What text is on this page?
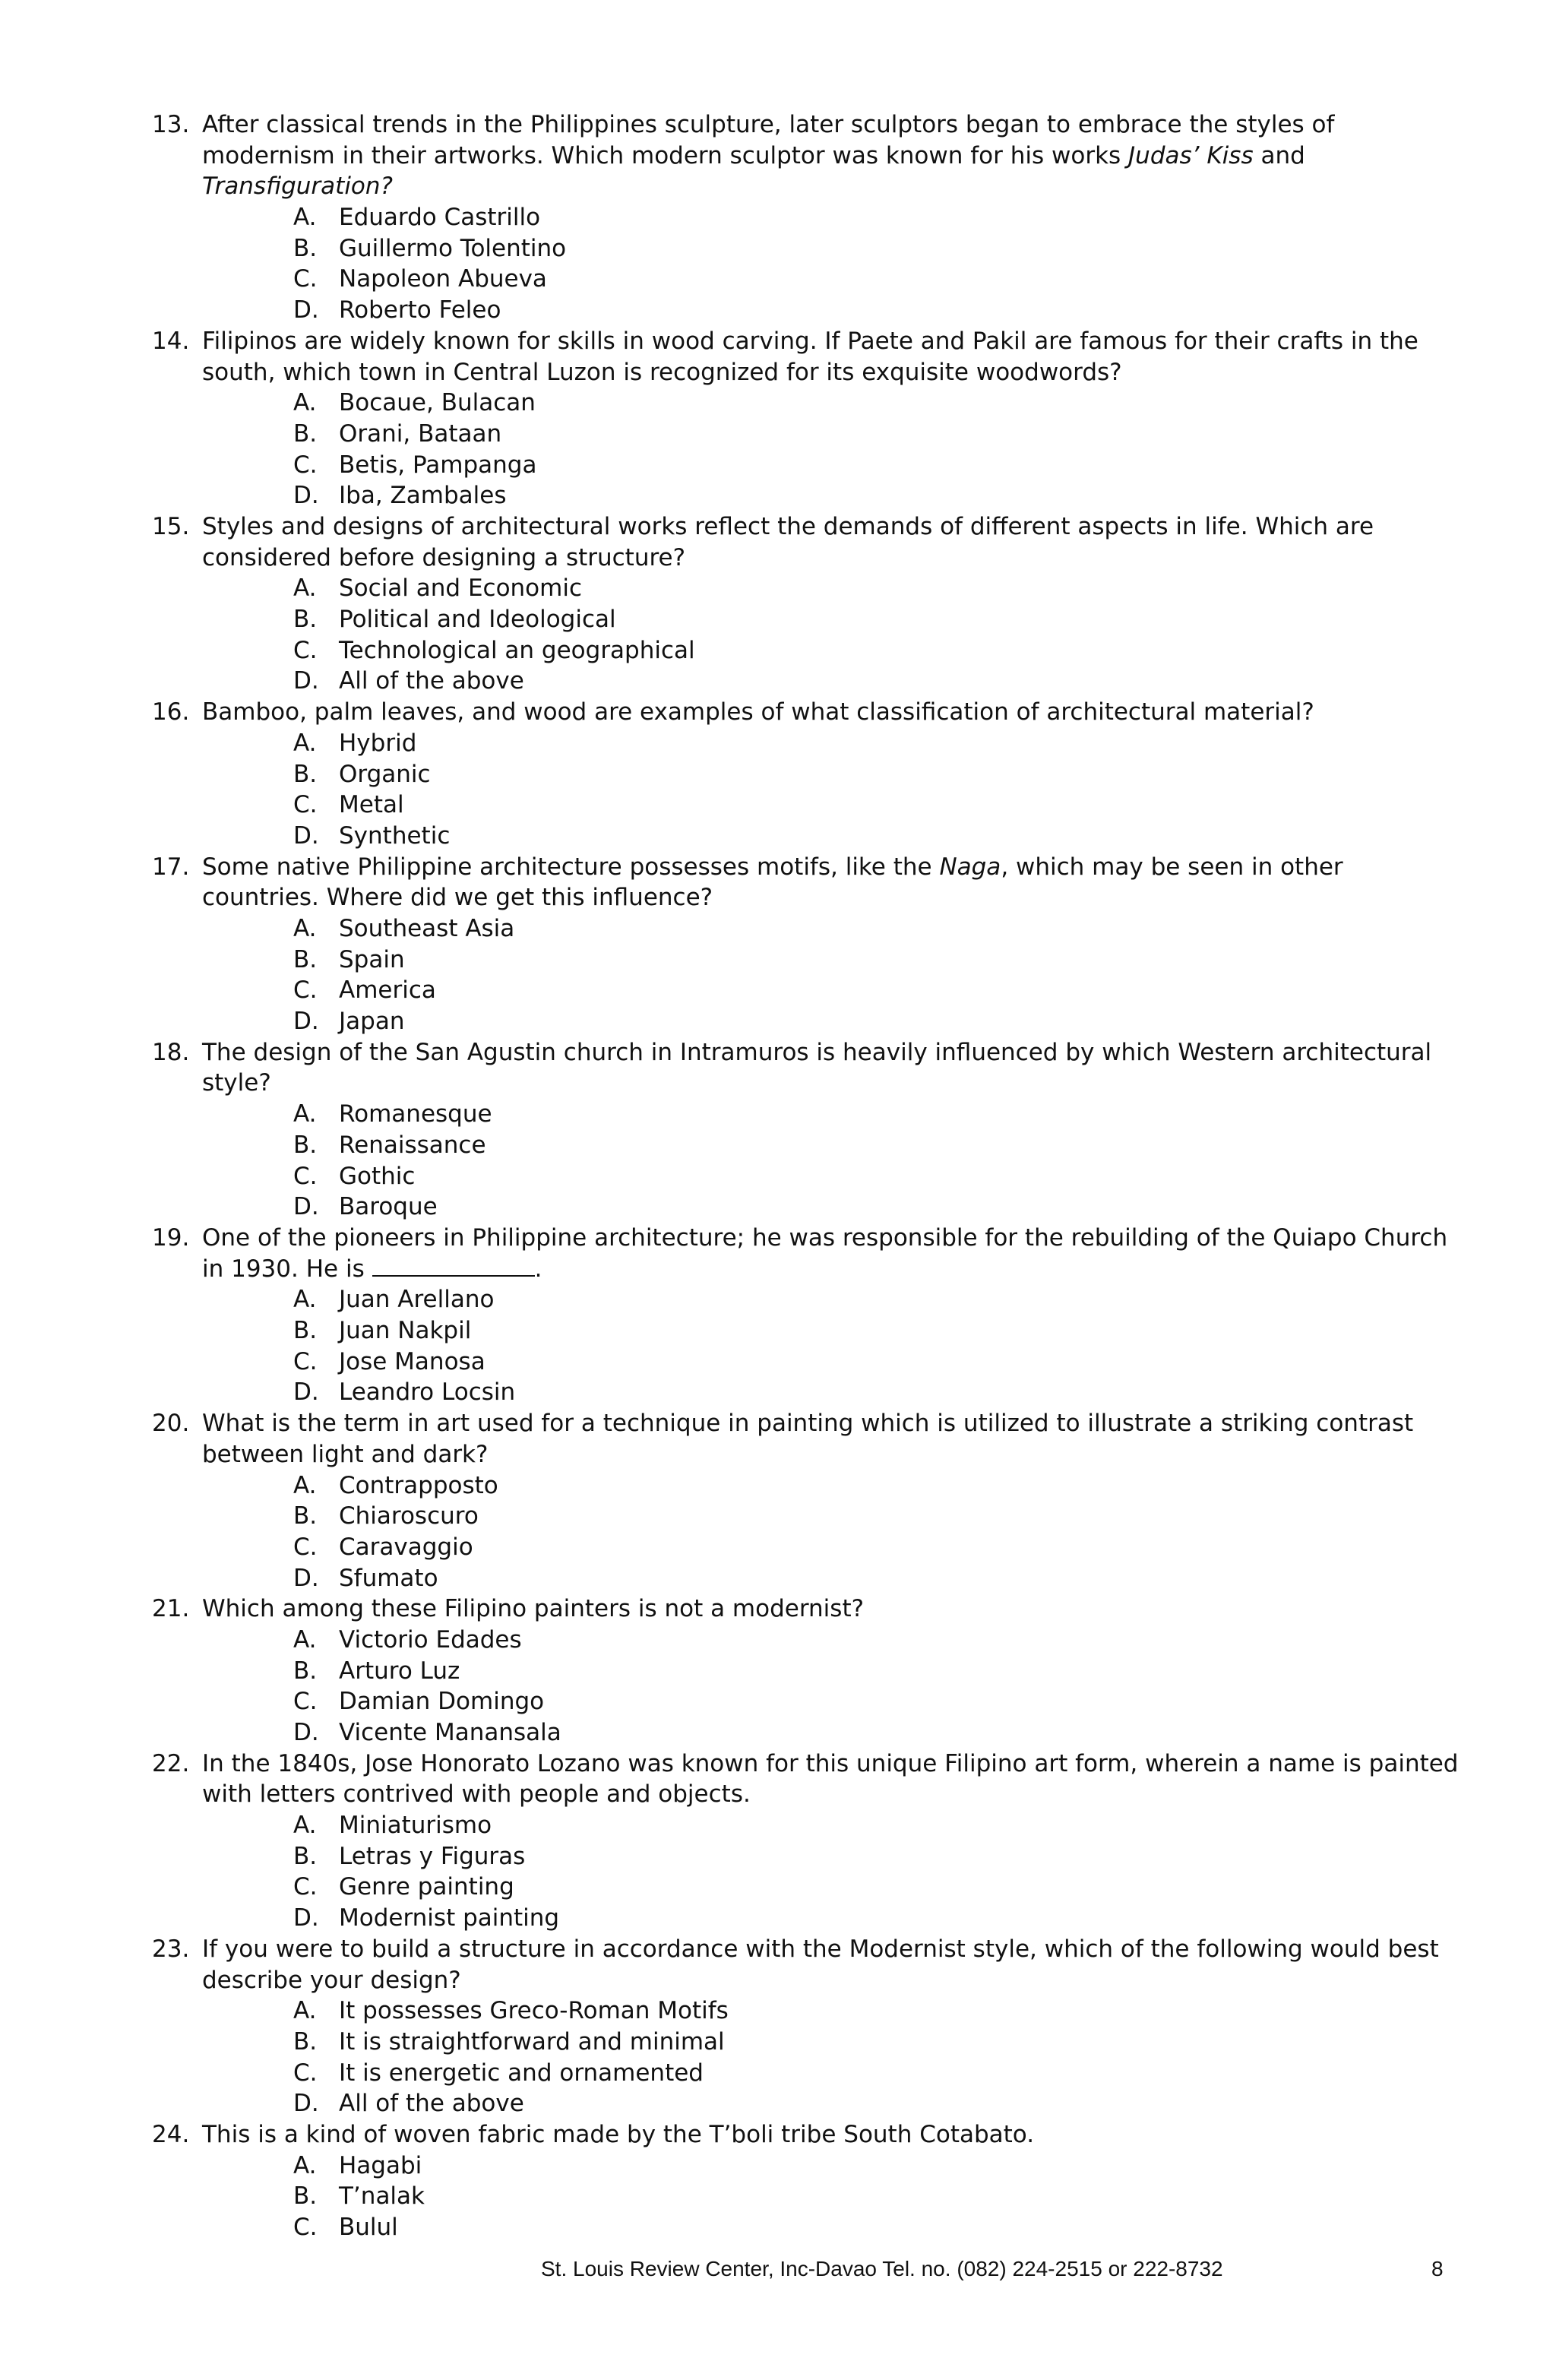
13. After classical trends in the Philippines sculpture, later sculptors began to embrace the styles of modernism in their artworks. Which modern sculptor was known for his works Judas’ Kiss and Transfiguration?
A. Eduardo Castrillo
B. Guillermo Tolentino
C. Napoleon Abueva
D. Roberto Feleo
14. Filipinos are widely known for skills in wood carving. If Paete and Pakil are famous for their crafts in the south, which town in Central Luzon is recognized for its exquisite woodwords?
A. Bocaue, Bulacan
B. Orani, Bataan
C. Betis, Pampanga
D. Iba, Zambales
15. Styles and designs of architectural works reflect the demands of different aspects in life. Which are considered before designing a structure?
A. Social and Economic
B. Political and Ideological
C. Technological an geographical
D. All of the above
16. Bamboo, palm leaves, and wood are examples of what classification of architectural material?
A. Hybrid
B. Organic
C. Metal
D. Synthetic
17. Some native Philippine architecture possesses motifs, like the Naga, which may be seen in other countries. Where did we get this influence?
A. Southeast Asia
B. Spain
C. America
D. Japan
18. The design of the San Agustin church in Intramuros is heavily influenced by which Western architectural style?
A. Romanesque
B. Renaissance
C. Gothic
D. Baroque
19. One of the pioneers in Philippine architecture; he was responsible for the rebuilding of the Quiapo Church in 1930. He is	.
A. Juan Arellano
B. Juan Nakpil
C. Jose Manosa
D. Leandro Locsin
20. What is the term in art used for a technique in painting which is utilized to illustrate a striking contrast between light and dark?
A. Contrapposto
B. Chiaroscuro
C. Caravaggio
D. Sfumato
21. Which among these Filipino painters is not a modernist?
A. Victorio Edades
B. Arturo Luz
C. Damian Domingo
D. Vicente Manansala
22. In the 1840s, Jose Honorato Lozano was known for this unique Filipino art form, wherein a name is painted with letters contrived with people and objects.
A. Miniaturismo
B. Letras y Figuras
C. Genre painting
D. Modernist painting
23. If you were to build a structure in accordance with the Modernist style, which of the following would best describe your design?
A. It possesses Greco-Roman Motifs
B. It is straightforward and minimal
C. It is energetic and ornamented
D. All of the above
24. This is a kind of woven fabric made by the T’boli tribe South Cotabato.
A. Hagabi
B. T’nalak
C. Bulul
St. Louis Review Center, Inc-Davao Tel. no. (082) 224-2515 or 222-8732	8
